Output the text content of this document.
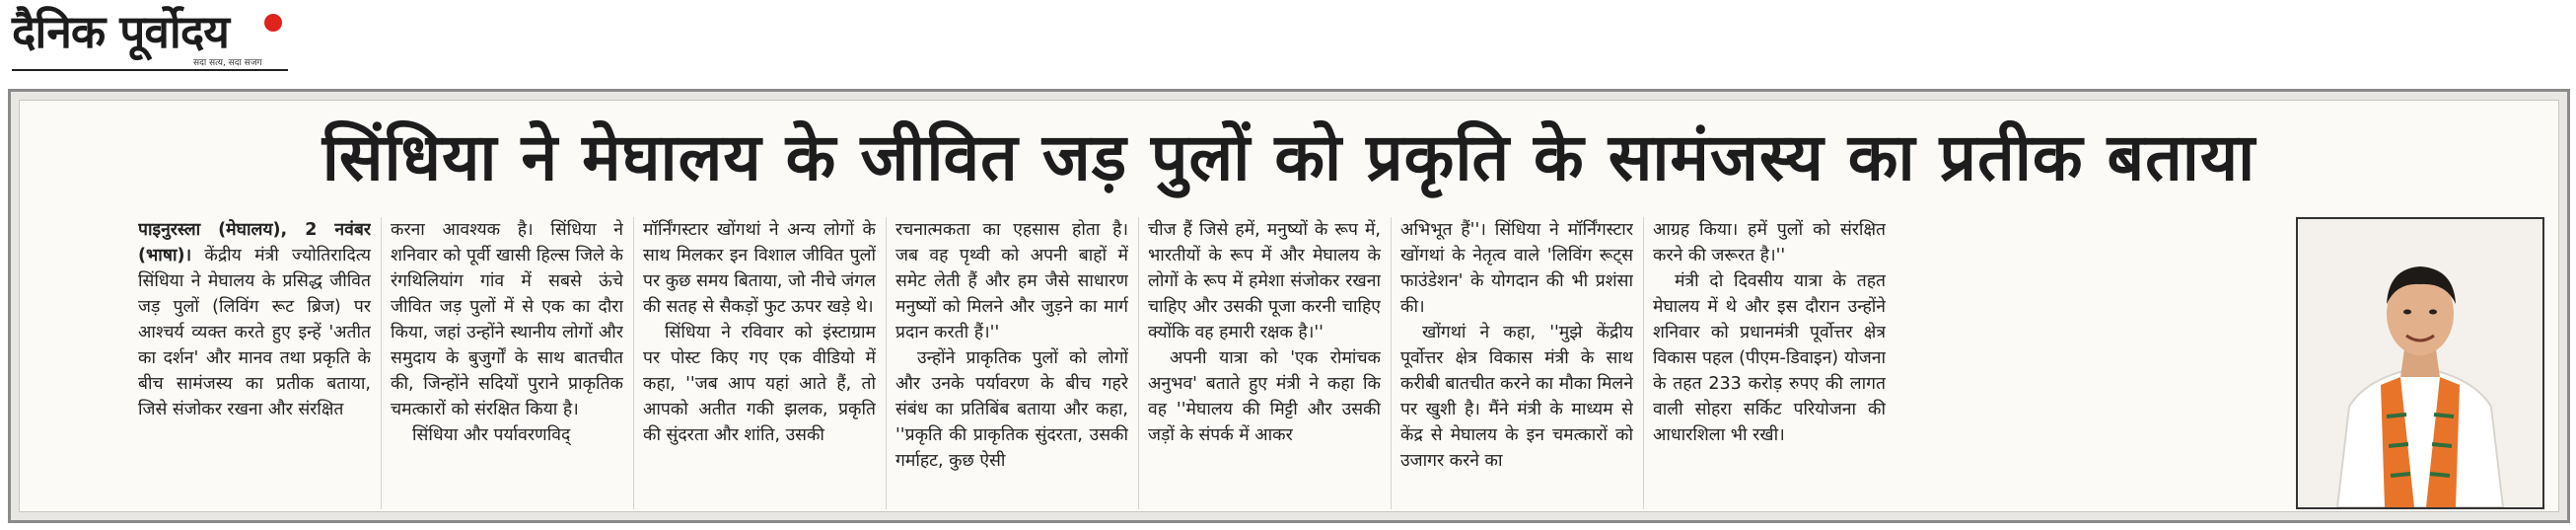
दैनिक पूर्वोदय
सदा सत्य, सदा सजग
सिंधिया ने मेघालय के जीवित जड़ पुलों को प्रकृति के सामंजस्य का प्रतीक बताया

पाइनुरस्ला (मेघालय), 2 नवंबर (भाषा)। केंद्रीय मंत्री ज्योतिरादित्य सिंधिया ने मेघालय के प्रसिद्ध जीवित जड़ पुलों (लिविंग रूट ब्रिज) पर आश्चर्य व्यक्त करते हुए इन्हें 'अतीत का दर्शन' और मानव तथा प्रकृति के बीच सामंजस्य का प्रतीक बताया, जिसे संजोकर रखना और संरक्षित

करना आवश्यक है। सिंधिया ने शनिवार को पूर्वी खासी हिल्स जिले के रंगथिलियांग गांव में सबसे ऊंचे जीवित जड़ पुलों में से एक का दौरा किया, जहां उन्होंने स्थानीय लोगों और समुदाय के बुजुर्गों के साथ बातचीत की, जिन्होंने सदियों पुराने प्राकृतिक चमत्कारों को संरक्षित किया है।

सिंधिया और पर्यावरणविद्

मॉर्निंगस्टार खोंगथां ने अन्य लोगों के साथ मिलकर इन विशाल जीवित पुलों पर कुछ समय बिताया, जो नीचे जंगल की सतह से सैकड़ों फुट ऊपर खड़े थे।

सिंधिया ने रविवार को इंस्टाग्राम पर पोस्ट किए गए एक वीडियो में कहा, ''जब आप यहां आते हैं, तो आपको अतीत गकी झलक, प्रकृति की सुंदरता और शांति, उसकी

रचनात्मकता का एहसास होता है। जब वह पृथ्वी को अपनी बाहों में समेट लेती हैं और हम जैसे साधारण मनुष्यों को मिलने और जुड़ने का मार्ग प्रदान करती हैं।''

उन्होंने प्राकृतिक पुलों को लोगों और उनके पर्यावरण के बीच गहरे संबंध का प्रतिबिंब बताया और कहा, ''प्रकृति की प्राकृतिक सुंदरता, उसकी गर्माहट, कुछ ऐसी

चीज हैं जिसे हमें, मनुष्यों के रूप में, भारतीयों के रूप में और मेघालय के लोगों के रूप में हमेशा संजोकर रखना चाहिए और उसकी पूजा करनी चाहिए क्योंकि वह हमारी रक्षक है।''

अपनी यात्रा को 'एक रोमांचक अनुभव' बताते हुए मंत्री ने कहा कि वह ''मेघालय की मिट्टी और उसकी जड़ों के संपर्क में आकर

अभिभूत हैं''। सिंधिया ने मॉर्निंगस्टार खोंगथां के नेतृत्व वाले 'लिविंग रूट्स फाउंडेशन' के योगदान की भी प्रशंसा की।

खोंगथां ने कहा, ''मुझे केंद्रीय पूर्वोत्तर क्षेत्र विकास मंत्री के साथ करीबी बातचीत करने का मौका मिलने पर खुशी है। मैंने मंत्री के माध्यम से केंद्र से मेघालय के इन चमत्कारों को उजागर करने का

आग्रह किया। हमें पुलों को संरक्षित करने की जरूरत है।''

मंत्री दो दिवसीय यात्रा के तहत मेघालय में थे और इस दौरान उन्होंने शनिवार को प्रधानमंत्री पूर्वोत्तर क्षेत्र विकास पहल (पीएम-डिवाइन) योजना के तहत 233 करोड़ रुपए की लागत वाली सोहरा सर्किट परियोजना की आधारशिला भी रखी।
